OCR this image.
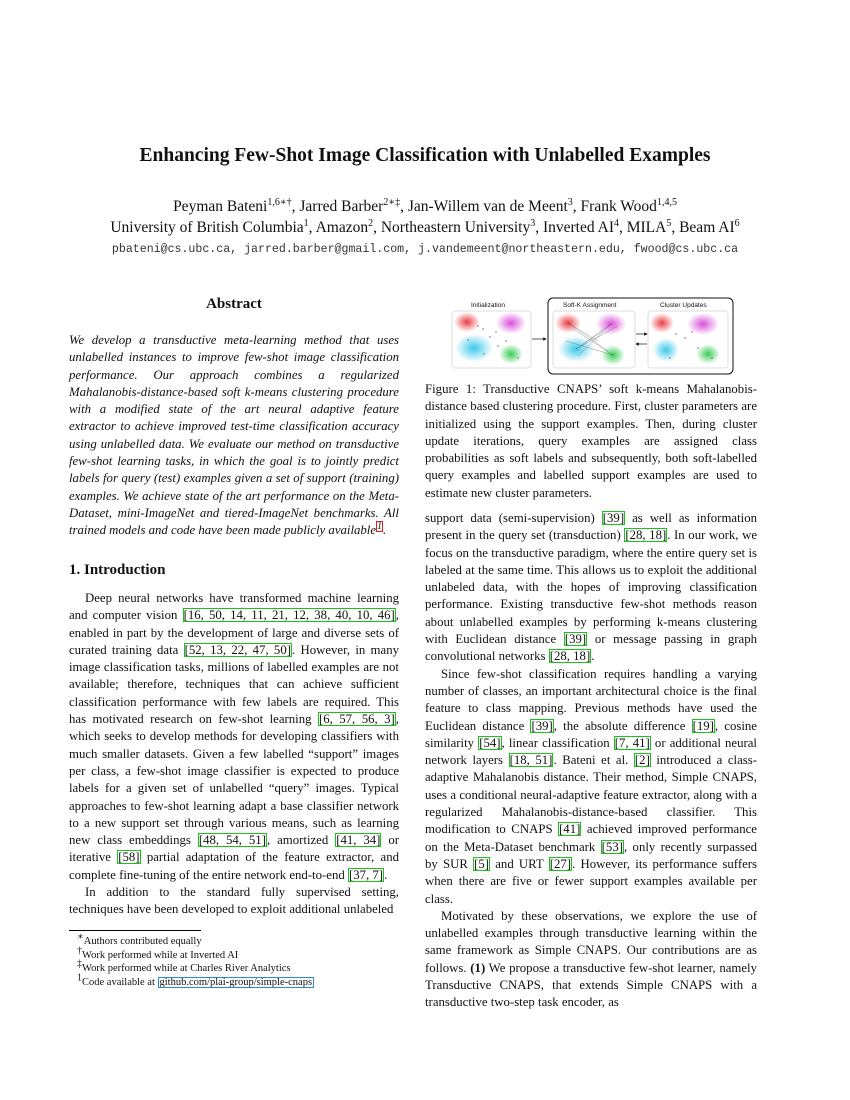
Enhancing Few-Shot Image Classification with Unlabelled Examples
Peyman Bateni$^{1,6∗\dagger}$, Jarred Barber$^{2∗\ddagger}$, Jan-Willem van de Meent$^3$, Frank Wood$^{1,4,5}$
University of British Columbia$^1$, Amazon$^2$, Northeastern University$^3$, Inverted $AI^4$, MILA$^5$, Beam $AI^6$
pbateni@cs.ubc.ca, jarred.barber@gmail.com, j.vandemeent@northeastern.edu, fwood@cs.ubc.ca
Abstract
We develop a transductive meta-learning method that uses unlabelled instances to improve few-shot image classification performance. Our approach combines a regularized Mahalanobis-distance-based soft k-means clustering procedure with a modified state of the art neural adaptive feature extractor to achieve improved test-time classification accuracy using unlabelled data. We evaluate our method on transductive few-shot learning tasks, in which the goal is to jointly predict labels for query (test) examples given a set of support (training) examples. We achieve state of the art performance on the Meta-Dataset, mini-ImageNet and tiered-ImageNet benchmarks. All trained models and code have been made publicly available$^1$.
1. Introduction

Deep neural networks have transformed machine learning and computer vision [16, 50, 14, 11, 21, 12, 38, 40, 10, 46], enabled in part by the development of large and diverse sets of curated training data [52, 13, 22, 47, 50]. However, in many image classification tasks, millions of labelled examples are not available; therefore, techniques that can achieve sufficient classification performance with few labels are required. This has motivated research on few-shot learning [6, 57, 56, 3], which seeks to develop methods for developing classifiers with much smaller datasets. Given a few labelled “support” images per class, a few-shot image classifier is expected to produce labels for a given set of unlabelled “query” images. Typical approaches to few-shot learning adapt a base classifier network to a new support set through various means, such as learning new class embeddings [48, 54, 51], amortized [41, 34] or iterative [58] partial adaptation of the feature extractor, and complete fine-tuning of the entire network end-to-end [37, 7].

In addition to the standard fully supervised setting, techniques have been developed to exploit additional unlabeled

∗Authors contributed equally
†Work performed while at Inverted AI
‡Work performed while at Charles River Analytics
$^1$Code available at github.com/plai-group/simple-cnaps
Initialization	Soft-K Assignment	Cluster Updates
Figure 1: Transductive CNAPS’ soft k-means Mahalanobis-distance based clustering procedure. First, cluster parameters are initialized using the support examples. Then, during cluster update iterations, query examples are assigned class probabilities as soft labels and subsequently, both soft-labelled query examples and labelled support examples are used to estimate new cluster parameters.

support data (semi-supervision) [39] as well as information present in the query set (transduction) [28, 18]. In our work, we focus on the transductive paradigm, where the entire query set is labeled at the same time. This allows us to exploit the additional unlabeled data, with the hopes of improving classification performance. Existing transductive few-shot methods reason about unlabelled examples by performing k-means clustering with Euclidean distance [39] or message passing in graph convolutional networks [28, 18].

Since few-shot classification requires handling a varying number of classes, an important architectural choice is the final feature to class mapping. Previous methods have used the Euclidean distance [39], the absolute difference [19], cosine similarity [54], linear classification [7, 41] or additional neural network layers [18, 51]. Bateni et al. [2] introduced a class-adaptive Mahalanobis distance. Their method, Simple CNAPS, uses a conditional neural-adaptive feature extractor, along with a regularized Mahalanobis-distance-based classifier. This modification to CNAPS [41] achieved improved performance on the Meta-Dataset benchmark [53], only recently surpassed by SUR [5] and URT [27]. However, its performance suffers when there are five or fewer support examples available per class.

Motivated by these observations, we explore the use of unlabelled examples through transductive learning within the same framework as Simple CNAPS. Our contributions are as follows. (1) We propose a transductive few-shot learner, namely Transductive CNAPS, that extends Simple CNAPS with a transductive two-step task encoder, as
